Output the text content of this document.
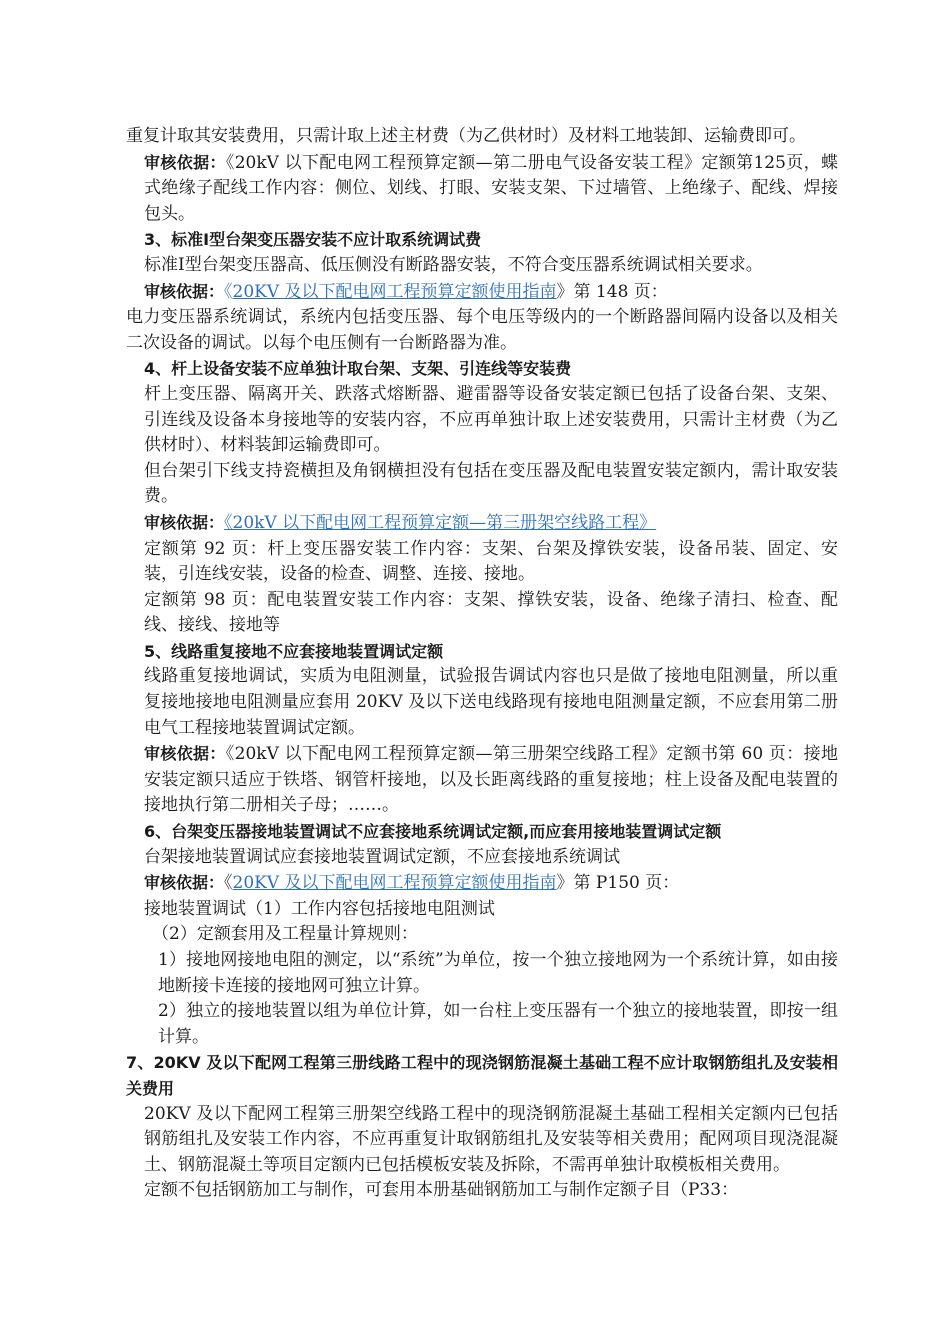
重复计取其安装费用，只需计取上述主材费（为乙供材时）及材料工地装卸、运输费即可。

审核依据：《20kV 以下配电网工程预算定额—第二册电气设备安装工程》定额第125页，蝶式绝缘子配线工作内容：侧位、划线、打眼、安装支架、下过墙管、上绝缘子、配线、焊接包头。

3、标准Ⅰ型台架变压器安装不应计取系统调试费

标准Ⅰ型台架变压器高、低压侧没有断路器安装，不符合变压器系统调试相关要求。

审核依据：《20KV 及以下配电网工程预算定额使用指南》第 148 页：

电力变压器系统调试，系统内包括变压器、每个电压等级内的一个断路器间隔内设备以及相关二次设备的调试。以每个电压侧有一台断路器为准。

4、杆上设备安装不应单独计取台架、支架、引连线等安装费

杆上变压器、隔离开关、跌落式熔断器、避雷器等设备安装定额已包括了设备台架、支架、引连线及设备本身接地等的安装内容，不应再单独计取上述安装费用，只需计主材费（为乙供材时）、材料装卸运输费即可。

但台架引下线支持瓷横担及角钢横担没有包括在变压器及配电装置安装定额内，需计取安装费。

审核依据：《20kV 以下配电网工程预算定额—第三册架空线路工程》

定额第 92 页：杆上变压器安装工作内容：支架、台架及撑铁安装，设备吊装、固定、安装，引连线安装，设备的检查、调整、连接、接地。

定额第 98 页：配电装置安装工作内容：支架、撑铁安装，设备、绝缘子清扫、检查、配线、接线、接地等

5、线路重复接地不应套接地装置调试定额

线路重复接地调试，实质为电阻测量，试验报告调试内容也只是做了接地电阻测量，所以重复接地接地电阻测量应套用 20KV 及以下送电线路现有接地电阻测量定额，不应套用第二册电气工程接地装置调试定额。

审核依据：《20kV 以下配电网工程预算定额—第三册架空线路工程》定额书第 60 页：接地安装定额只适应于铁塔、钢管杆接地，以及长距离线路的重复接地；柱上设备及配电装置的接地执行第二册相关子母；……。

6、台架变压器接地装置调试不应套接地系统调试定额,而应套用接地装置调试定额

台架接地装置调试应套接地装置调试定额，不应套接地系统调试

审核依据：《20KV 及以下配电网工程预算定额使用指南》第 P150 页：

接地装置调试（1）工作内容包括接地电阻测试

（2）定额套用及工程量计算规则：

1）接地网接地电阻的测定，以“系统”为单位，按一个独立接地网为一个系统计算，如由接地断接卡连接的接地网可独立计算。

2）独立的接地装置以组为单位计算，如一台柱上变压器有一个独立的接地装置，即按一组计算。

7、20KV 及以下配网工程第三册线路工程中的现浇钢筋混凝土基础工程不应计取钢筋组扎及安装相关费用

20KV 及以下配网工程第三册架空线路工程中的现浇钢筋混凝土基础工程相关定额内已包括钢筋组扎及安装工作内容，不应再重复计取钢筋组扎及安装等相关费用；配网项目现浇混凝土、钢筋混凝土等项目定额内已包括模板安装及拆除，不需再单独计取模板相关费用。

定额不包括钢筋加工与制作，可套用本册基础钢筋加工与制作定额子目（P33：
